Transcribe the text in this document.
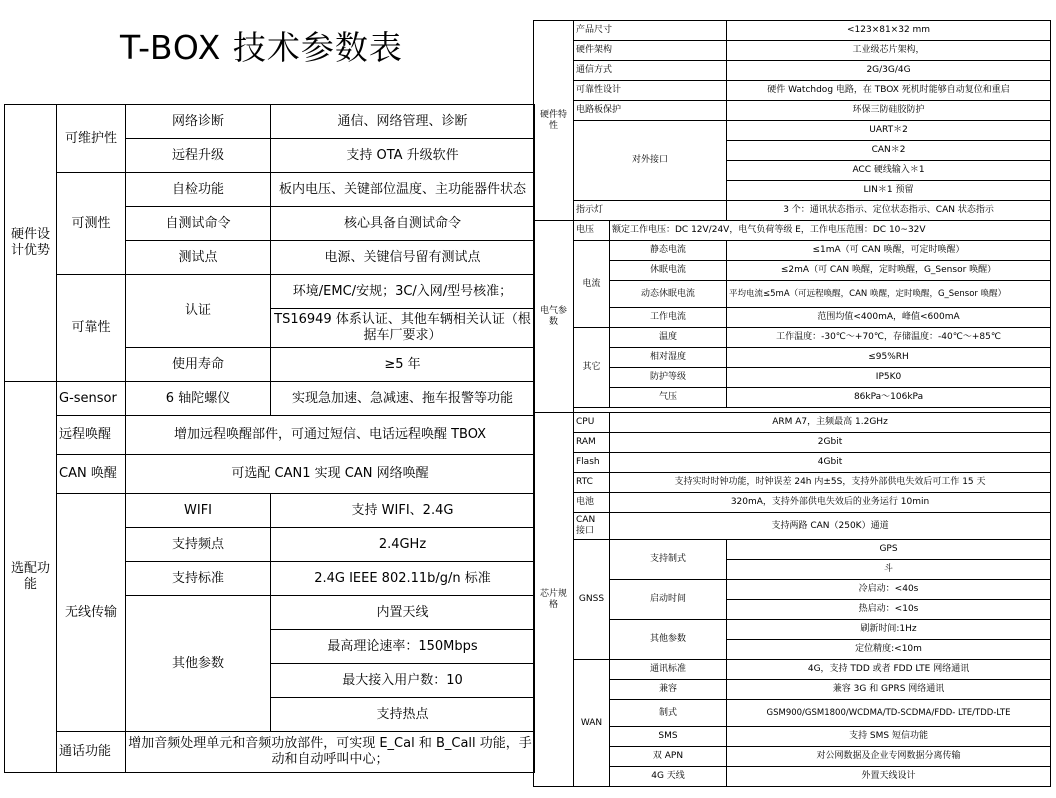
T-BOX 技术参数表
硬件设计优势	可维护性	网络诊断	通信、网络管理、诊断
		远程升级	支持 OTA 升级软件
	可测性	自检功能	板内电压、关键部位温度、主功能器件状态
		自测试命令	核心具备自测试命令
		测试点	电源、关键信号留有测试点
	可靠性	认证	环境/EMC/安规；3C/入网/型号核准；
			TS16949 体系认证、其他车辆相关认证（根据车厂要求）
		使用寿命	≥5 年
选配功能	G-sensor	6 轴陀螺仪	实现急加速、急减速、拖车报警等功能
	远程唤醒	增加远程唤醒部件，可通过短信、电话远程唤醒 TBOX	
	CAN 唤醒	可选配 CAN1 实现 CAN 网络唤醒	
	无线传输	WIFI	支持 WIFI、2.4G
		支持频点	2.4GHz
		支持标准	2.4G IEEE 802.11b/g/n 标准
		其他参数	内置天线
			最高理论速率：150Mbps
			最大接入用户数：10
			支持热点
	通话功能	增加音频处理单元和音频功放部件，可实现 E_Cal 和 B_Call 功能，手动和自动呼叫中心；	
硬件特性	产品尺寸		<123×81×32 mm
	硬件架构		工业级芯片架构，
	通信方式		2G/3G/4G
	可靠性设计		硬件 Watchdog 电路，在 TBOX 死机时能够自动复位和重启
	电路板保护		环保三防硅胶防护
	对外接口		UART＊2
			CAN＊2
			ACC 硬线输入＊1
			LIN＊1 预留
	指示灯		3 个：通讯状态指示、定位状态指示、CAN 状态指示
电气参数	电压	额定工作电压：DC 12V/24V，电气负荷等级 E，工作电压范围：DC 10~32V	
	电流	静态电流	≤1mA（可 CAN 唤醒，可定时唤醒）
		休眠电流	≤2mA（可 CAN 唤醒，定时唤醒，G_Sensor 唤醒）
		动态休眠电流	平均电流≤5mA（可远程唤醒，CAN 唤醒，定时唤醒，G_Sensor 唤醒）
		工作电流	范围均值<400mA，峰值<600mA
	其它	温度	工作温度：-30℃～+70℃，存储温度：-40℃～+85℃
		相对湿度	≤95%RH
		防护等级	IP5K0
		气压	86kPa～106kPa

芯片规格	CPU	ARM A7，主频最高 1.2GHz	
	RAM	2Gbit	
	Flash	4Gbit	
	RTC	支持实时时钟功能，时钟误差 24h 内±5S，支持外部供电失效后可工作 15 天	
	电池	320mA，支持外部供电失效后的业务运行 10min	
	CAN 接口	支持两路 CAN（250K）通道	
	GNSS	支持制式	GPS
			斗
		启动时间	冷启动：<40s
			热启动：<10s
		其他参数	刷新时间:1Hz
			定位精度:<10m
	WAN	通讯标准	4G，支持 TDD 或者 FDD LTE 网络通讯
		兼容	兼容 3G 和 GPRS 网络通讯
		制式	GSM900/GSM1800/WCDMA/TD-SCDMA/FDD- LTE/TDD-LTE
		SMS	支持 SMS 短信功能
		双 APN	对公网数据及企业专网数据分离传输
		4G 天线	外置天线设计
